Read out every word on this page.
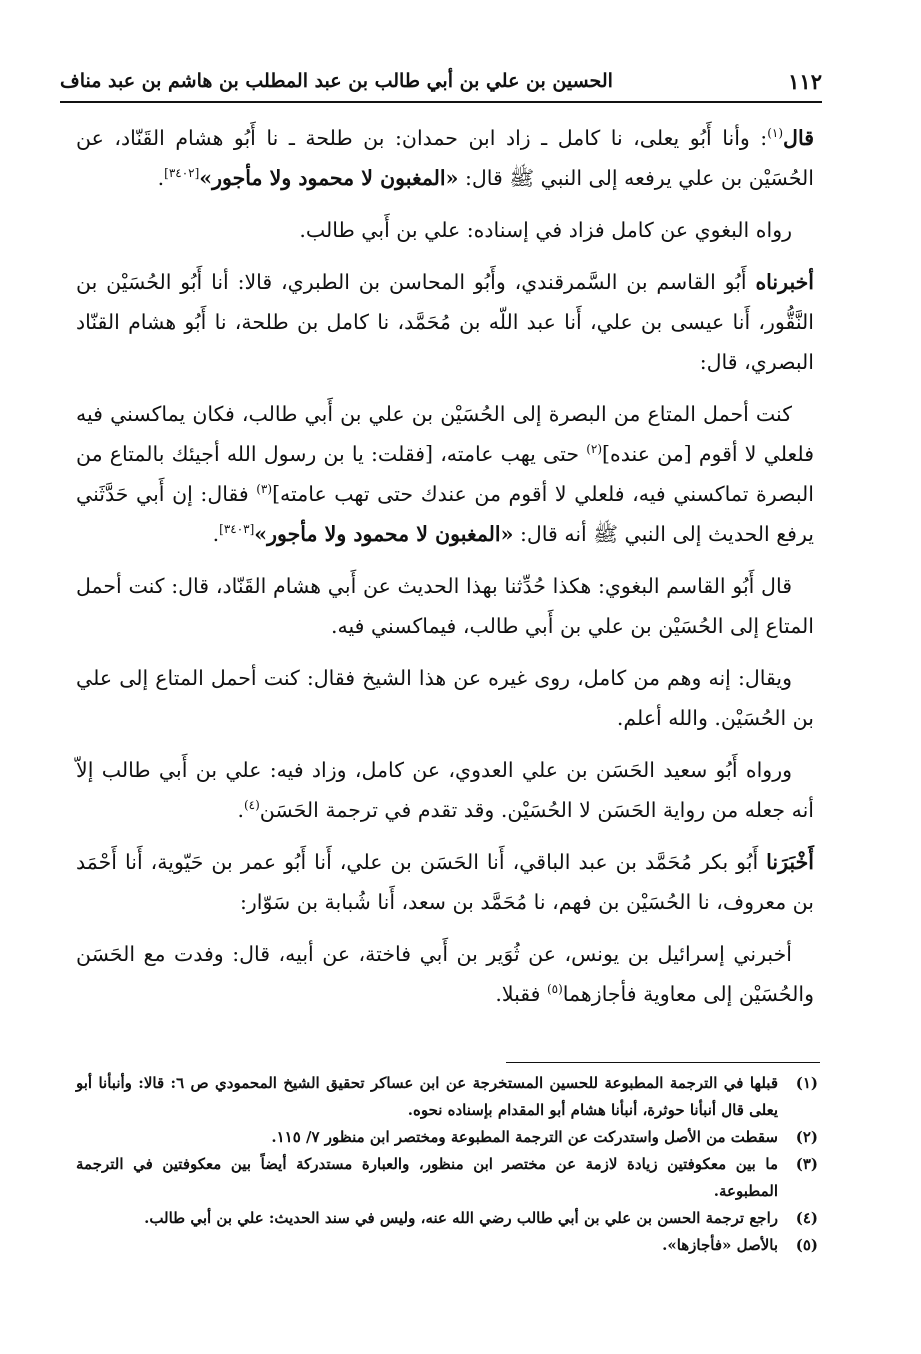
١١٢
الحسين بن علي بن أبي طالب بن عبد المطلب بن هاشم بن عبد مناف

قال$^{(١)}$: وأنا أَبُو يعلى، نا كامل ـ زاد ابن حمدان: بن طلحة ـ نا أَبُو هشام القَنّاد، عن الحُسَيْن بن علي يرفعه إلى النبي ﷺ قال: «المغبون لا محمود ولا مأجور»[٣٤٠٢].

رواه البغوي عن كامل فزاد في إسناده: علي بن أَبي طالب.

أخبرناه أَبُو القاسم بن السَّمرقندي، وأَبُو المحاسن بن الطبري، قالا: أنا أَبُو الحُسَيْن بن النَّقُّور، أَنا عيسى بن علي، أَنا عبد اللّه بن مُحَمَّد، نا كامل بن طلحة، نا أَبُو هشام القنّاد البصري، قال:

كنت أحمل المتاع من البصرة إلى الحُسَيْن بن علي بن أَبي طالب، فكان يماكسني فيه فلعلي لا أقوم [من عنده]$^{(٢)}$ حتى يهب عامته، [فقلت: يا بن رسول الله أجيئك بالمتاع من البصرة تماكسني فيه، فلعلي لا أقوم من عندك حتى تهب عامته]$^{(٣)}$ فقال: إن أَبي حَدَّثَني يرفع الحديث إلى النبي ﷺ أنه قال: «المغبون لا محمود ولا مأجور»[٣٤٠٣].

قال أَبُو القاسم البغوي: هكذا حُدِّثنا بهذا الحديث عن أَبي هشام القَنّاد، قال: كنت أحمل المتاع إلى الحُسَيْن بن علي بن أَبي طالب، فيماكسني فيه.

ويقال: إنه وهم من كامل، روى غيره عن هذا الشيخ فقال: كنت أحمل المتاع إلى علي بن الحُسَيْن. والله أعلم.

ورواه أَبُو سعيد الحَسَن بن علي العدوي، عن كامل، وزاد فيه: علي بن أَبي طالب إلاّ أنه جعله من رواية الحَسَن لا الحُسَيْن. وقد تقدم في ترجمة الحَسَن$^{(٤)}$.

أَخْبَرَنا أَبُو بكر مُحَمَّد بن عبد الباقي، أَنا الحَسَن بن علي، أَنا أَبُو عمر بن حَيّوية، أَنا أَحْمَد بن معروف، نا الحُسَيْن بن فهم، نا مُحَمَّد بن سعد، أَنا شُبابة بن سَوّار:

أخبرني إسرائيل بن يونس، عن ثُوَير بن أَبي فاختة، عن أبيه، قال: وفدت مع الحَسَن والحُسَيْن إلى معاوية فأجازهما$^{(٥)}$ فقبلا.

(١)
قبلها في الترجمة المطبوعة للحسين المستخرجة عن ابن عساكر تحقيق الشيخ المحمودي ص ٦: قالا: وأنبأنا أبو يعلى قال أنبأنا حوثرة، أنبأنا هشام أبو المقدام بإسناده نحوه.
(٢)
سقطت من الأصل واستدركت عن الترجمة المطبوعة ومختصر ابن منظور ٧/ ١١٥.
(٣)
ما بين معكوفتين زيادة لازمة عن مختصر ابن منظور، والعبارة مستدركة أيضاً بين معكوفتين في الترجمة المطبوعة.
(٤)
راجع ترجمة الحسن بن علي بن أبي طالب رضي الله عنه، وليس في سند الحديث: علي بن أبي طالب.
(٥)
بالأصل «فأجازها».
